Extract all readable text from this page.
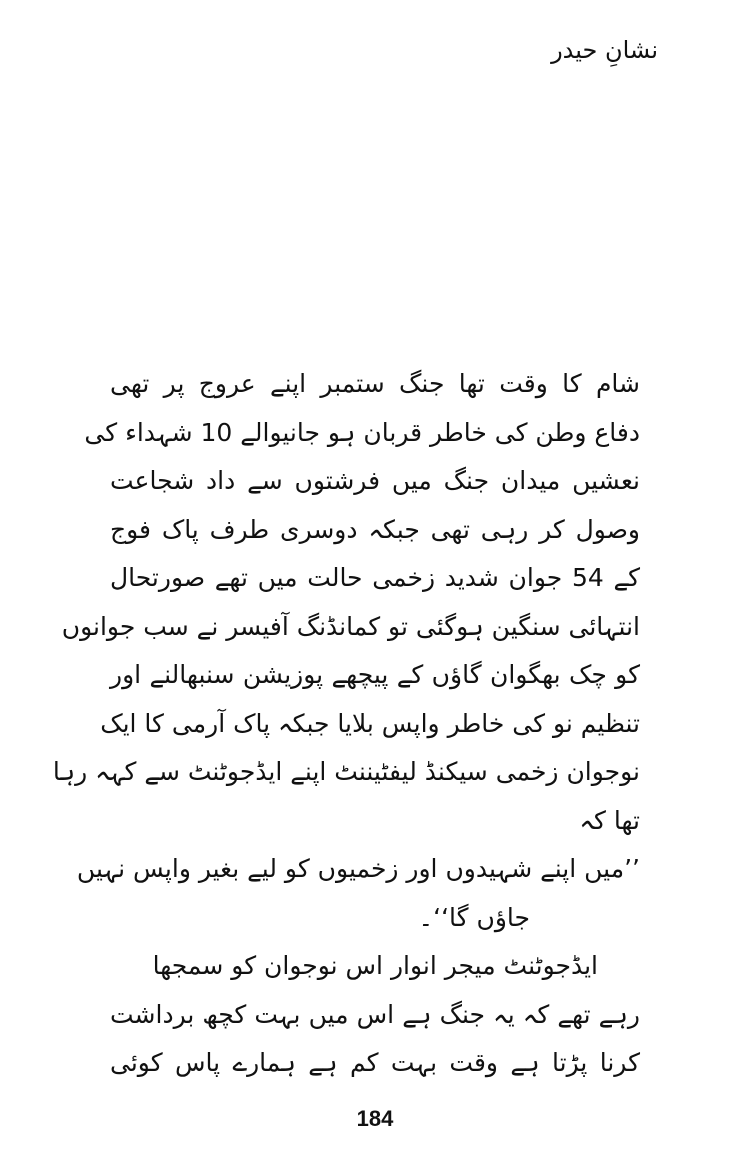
نشانِ حیدر
شام کا وقت تھا جنگ ستمبر اپنے عروج پر تھی
دفاع وطن کی خاطر قربان ہو جانیوالے 10 شہداء کی
نعشیں میدان جنگ میں فرشتوں سے داد شجاعت
وصول کر رہی تھی جبکہ دوسری طرف پاک فوج
کے 54 جوان شدید زخمی حالت میں تھے صورتحال
انتہائی سنگین ہوگئی تو کمانڈنگ آفیسر نے سب جوانوں
کو چک بھگوان گاؤں کے پیچھے پوزیشن سنبھالنے اور
تنظیم نو کی خاطر واپس بلایا جبکہ پاک آرمی کا ایک
نوجوان زخمی سیکنڈ لیفٹیننٹ اپنے ایڈجوٹنٹ سے کہہ رہا
تھا کہ
’’میں اپنے شہیدوں اور زخمیوں کو لیے بغیر واپس نہیں
جاؤں گا‘‘۔
ایڈجوٹنٹ میجر انوار اس نوجوان کو سمجھا
رہے تھے کہ یہ جنگ ہے اس میں بہت کچھ برداشت
کرنا پڑتا ہے وقت بہت کم ہے ہمارے پاس کوئی
184
